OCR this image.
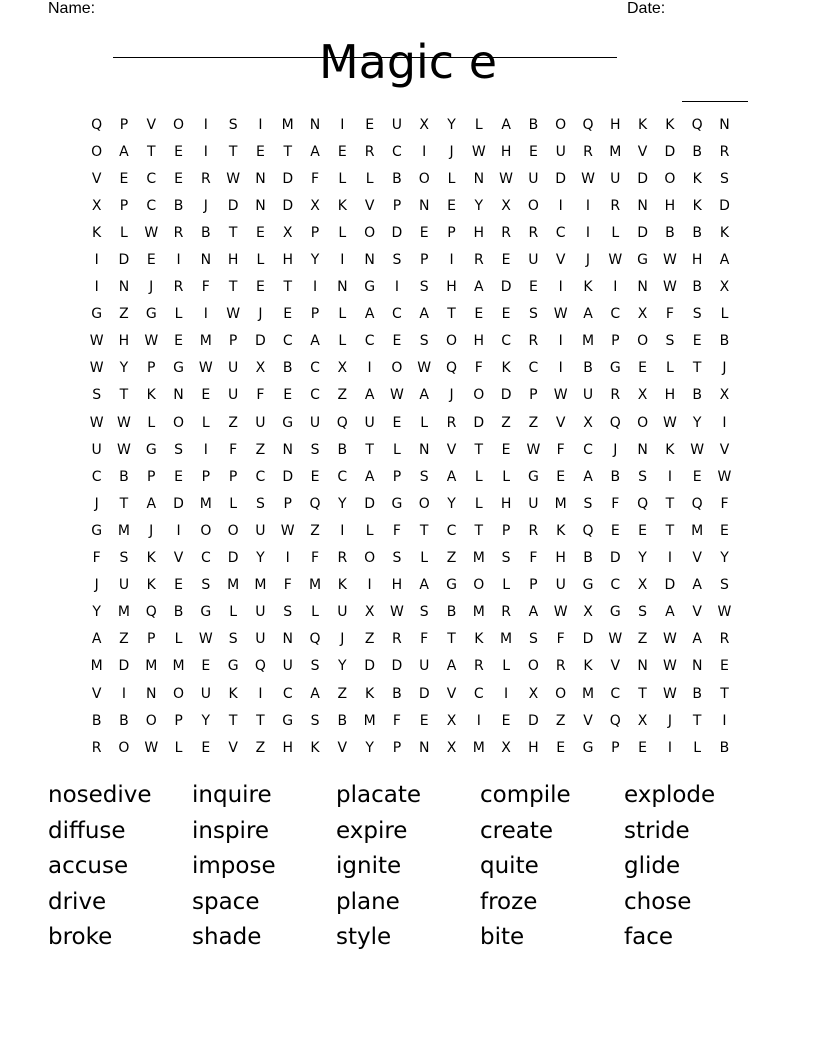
Name:

	Date:

Magic e
Q	P	V	O	I	S	I	M	N	I	E	U	X	Y	L	A	B	O	Q	H	K	K	Q	N
O	A	T	E	I	T	E	T	A	E	R	C	I	J	W	H	E	U	R	M	V	D	B	R
V	E	C	E	R	W	N	D	F	L	L	B	O	L	N	W	U	D	W	U	D	O	K	S
X	P	C	B	J	D	N	D	X	K	V	P	N	E	Y	X	O	I	I	R	N	H	K	D
K	L	W	R	B	T	E	X	P	L	O	D	E	P	H	R	R	C	I	L	D	B	B	K
I	D	E	I	N	H	L	H	Y	I	N	S	P	I	R	E	U	V	J	W	G	W	H	A
I	N	J	R	F	T	E	T	I	N	G	I	S	H	A	D	E	I	K	I	N	W	B	X
G	Z	G	L	I	W	J	E	P	L	A	C	A	T	E	E	S	W	A	C	X	F	S	L
W	H	W	E	M	P	D	C	A	L	C	E	S	O	H	C	R	I	M	P	O	S	E	B
W	Y	P	G	W	U	X	B	C	X	I	O	W	Q	F	K	C	I	B	G	E	L	T	J
S	T	K	N	E	U	F	E	C	Z	A	W	A	J	O	D	P	W	U	R	X	H	B	X
W W	L	O	L	Z	U	G	U	Q	U	E	L	R	D	Z	Z	V	X	Q	O	W	Y	I
U	W	G	S	I	F	Z	N	S	B	T	L	N	V	T	E	W	F	C	J	N	K	W	V
C	B	P	E	P	P	C	D	E	C	A	P	S	A	L	L	G	E	A	B	S	I	E	W
J	T	A	D	M	L	S	P	Q	Y	D	G	O	Y	L	H	U	M	S	F	Q	T	Q	F
G	M	J	I	O	O	U	W	Z	I	L	F	T	C	T	P	R	K	Q	E	E	T	M	E
F	S	K	V	C	D	Y	I	F	R	O	S	L	Z	M	S	F	H	B	D	Y	I	V	Y
J	U	K	E	S	M	M	F	M	K	I	H	A	G	O	L	P	U	G	C	X	D	A	S
Y	M	Q	B	G	L	U	S	L	U	X	W	S	B	M	R	A	W	X	G	S	A	V	W
A	Z	P	L	W	S	U	N	Q	J	Z	R	F	T	K	M	S	F	D	W	Z	W	A	R
M	D	M	M	E	G	Q	U	S	Y	D	D	U	A	R	L	O	R	K	V	N	W	N	E
V	I	N	O	U	K	I	C	A	Z	K	B	D	V	C	I	X	O	M	C	T	W	B	T
B	B	O	P	Y	T	T	G	S	B	M	F	E	X	I	E	D	Z	V	Q	X	J	T	I
R	O	W	L	E	V	Z	H	K	V	Y	P	N	X	M	X	H	E	G	P	E	I	L	B
nosedive	inquire	placate	compile	explode
diffuse	inspire	expire	create	stride
accuse	impose	ignite	quite	glide
drive	space	plane	froze	chose
broke	shade	style	bite	face
